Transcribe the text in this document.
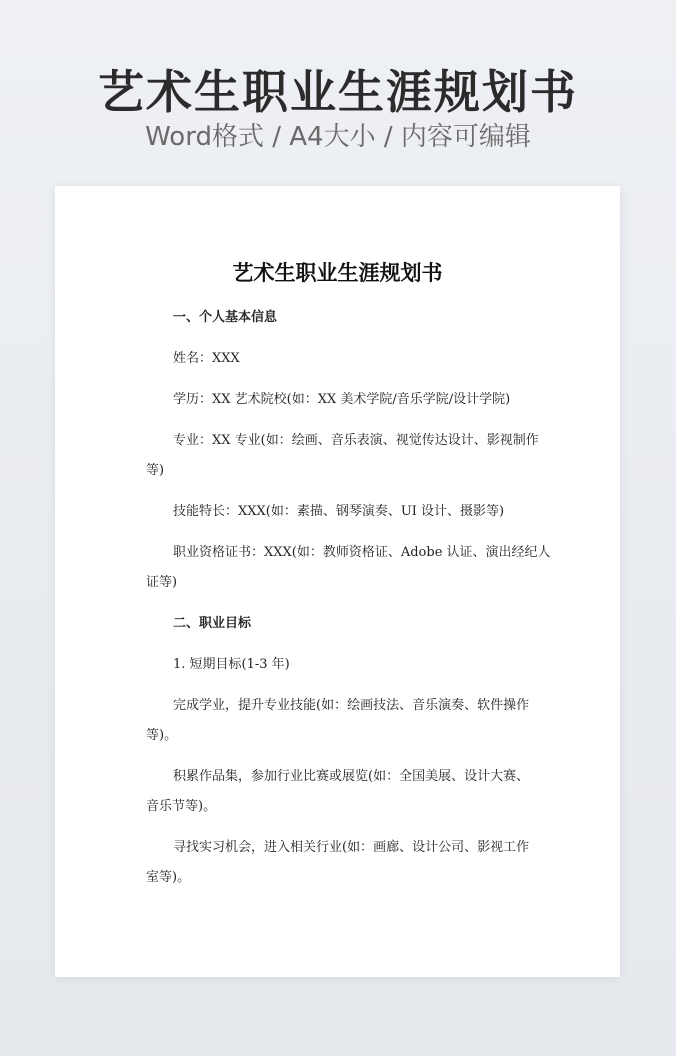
艺术生职业生涯规划书
Word格式 / A4大小 / 内容可编辑
艺术生职业生涯规划书
一、个人基本信息
姓名：XXX
学历：XX 艺术院校(如：XX 美术学院/音乐学院/设计学院)
专业：XX 专业(如：绘画、音乐表演、视觉传达设计、影视制作
等)
技能特长：XXX(如：素描、钢琴演奏、UI 设计、摄影等)
职业资格证书：XXX(如：教师资格证、Adobe 认证、演出经纪人
证等)
二、职业目标
1. 短期目标(1-3 年)
完成学业，提升专业技能(如：绘画技法、音乐演奏、软件操作
等)。
积累作品集，参加行业比赛或展览(如：全国美展、设计大赛、
音乐节等)。
寻找实习机会，进入相关行业(如：画廊、设计公司、影视工作
室等)。
